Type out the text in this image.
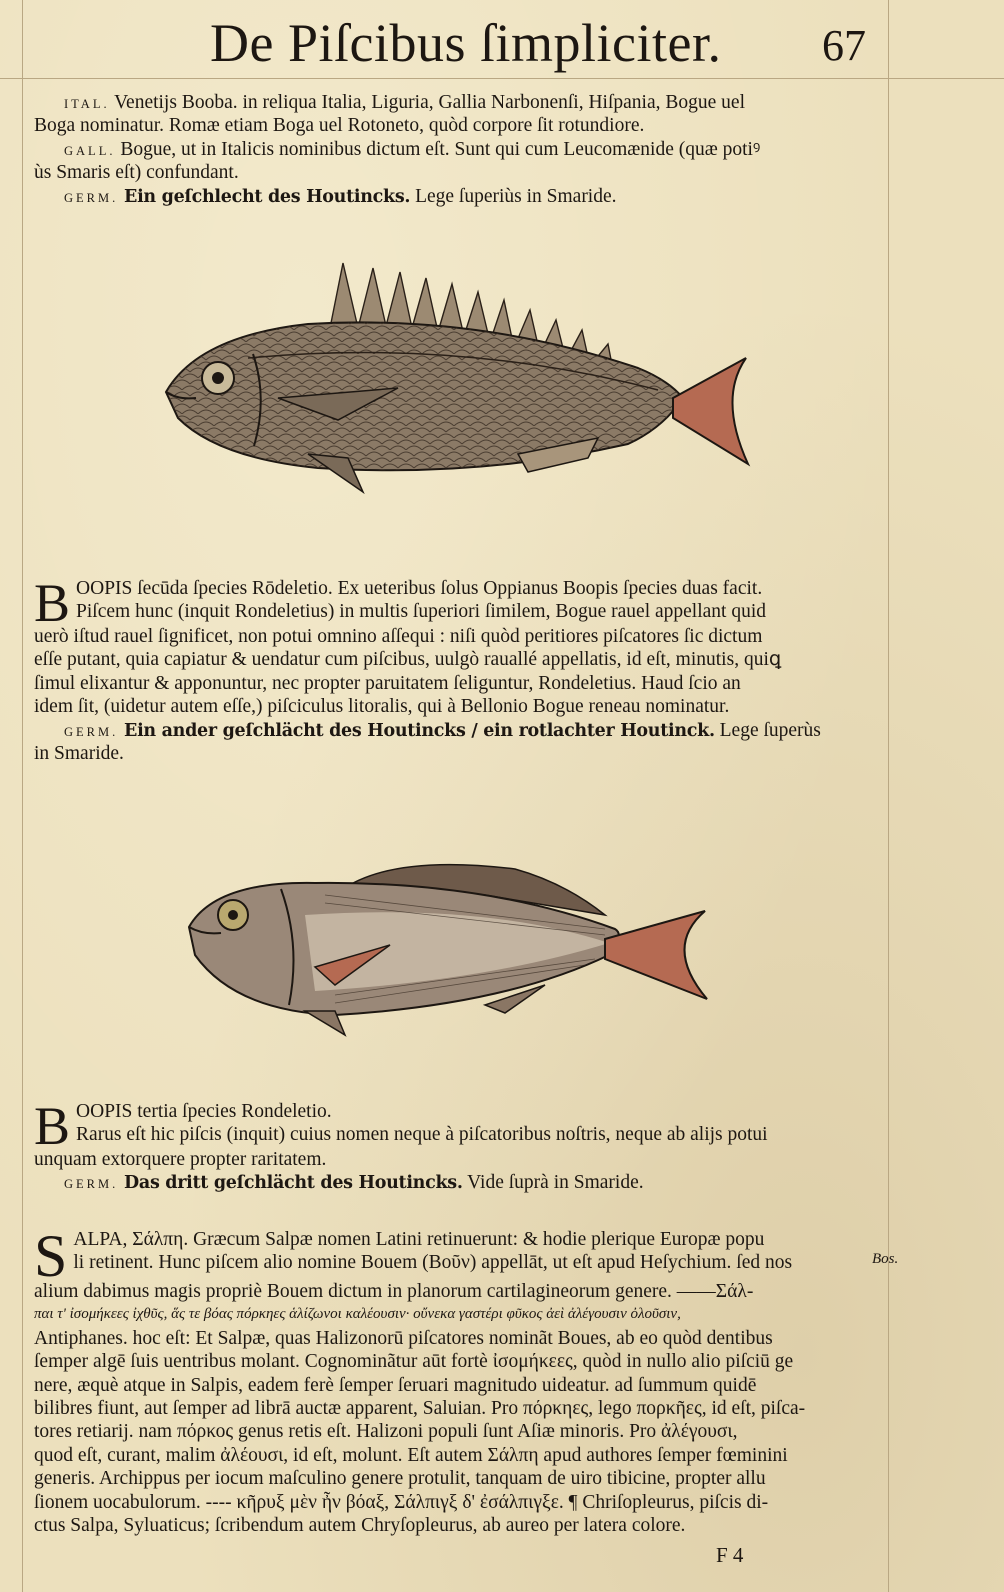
De Piſcibus ſimpliciter. 67
ITAL. Venetijs Booba. in reliqua Italia, Liguria, Gallia Narbonenſi, Hiſpania, Bogue uel
Boga nominatur. Romæ etiam Boga uel Rotoneto, quòd corpore ſit rotundiore.
GALL. Bogue, ut in Italicis nominibus dictum eſt. Sunt qui cum Leucomænide (quæ potiꝰ
ùs Smaris eſt) confundant.
GERM. Ein geſchlecht des Houtincks. Lege ſuperiùs in Smaride.
B OOPIS ſecūda ſpecies Rōdeletio. Ex ueteribus ſolus Oppianus Boopis ſpecies duas facit.
Piſcem hunc (inquit Rondeletius) in multis ſuperiori ſimilem, Bogue rauel appellant quid
uerò iſtud rauel ſignificet, non potui omnino aſſequi : niſi quòd peritiores piſcatores ſic dictum
eſſe putant, quia capiatur & uendatur cum piſcibus, uulgò rauallé appellatis, id eſt, minutis, quiꝗ
ſimul elixantur & apponuntur, nec propter paruitatem ſeliguntur, Rondeletius. Haud ſcio an
idem ſit, (uidetur autem eſſe,) piſciculus litoralis, qui à Bellonio Bogue reneau nominatur.
GERM. Ein ander geſchlächt des Houtincks / ein rotlachter Houtinck. Lege ſuperùs
in Smaride.
B OOPIS tertia ſpecies Rondeletio.
Rarus eſt hic piſcis (inquit) cuius nomen neque à piſcatoribus noſtris, neque ab alijs potui
unquam extorquere propter raritatem.
GERM. Das dritt geſchlächt des Houtincks. Vide ſuprà in Smaride.
S ALPA, Σάλπη. Græcum Salpæ nomen Latini retinuerunt: & hodie plerique Europæ popu
li retinent. Hunc piſcem alio nomine Bouem (Βοῦν) appellāt, ut eſt apud Heſychium. ſed nos
alium dabimus magis propriè Bouem dictum in planorum cartilagineorum genere. ——Σάλ-
παι τ' ἰσομήκεες ἰχθῦς, ἅς τε βόας πόρκηες ἁλίζωνοι καλέουσιν· οὔνεκα γαστέρι φῦκος ἀεὶ ἀλέγουσιν ὀλοῦσιν,
Antiphanes. hoc eſt: Et Salpæ, quas Halizonorū piſcatores nominãt Boues, ab eo quòd dentibus
ſemper algē ſuis uentribus molant. Cognominãtur aūt fortè ἰσομήκεες, quòd in nullo alio piſciū ge
nere, æquè atque in Salpis, eadem ferè ſemper ſeruari magnitudo uideatur. ad ſummum quidē
bilibres fiunt, aut ſemper ad librā auctæ apparent, Saluian. Pro πόρκηες, lego πορκῆες, id eſt, piſca-
tores retiarij. nam πόρκος genus retis eſt. Halizoni populi ſunt Aſiæ minoris. Pro ἀλέγουσι,
quod eſt, curant, malim ἀλέουσι, id eſt, molunt. Eſt autem Σάλπη apud authores ſemper fœminini
generis. Archippus per iocum maſculino genere protulit, tanquam de uiro tibicine, propter allu
ſionem uocabulorum. ---- κῆρυξ μὲν ἦν βόαξ, Σάλπιγξ δ' ἐσάλπιγξε. ¶ Chriſopleurus, piſcis di-
ctus Salpa, Syluaticus; ſcribendum autem Chryſopleurus, ab aureo per latera colore.
Bos.
F 4
